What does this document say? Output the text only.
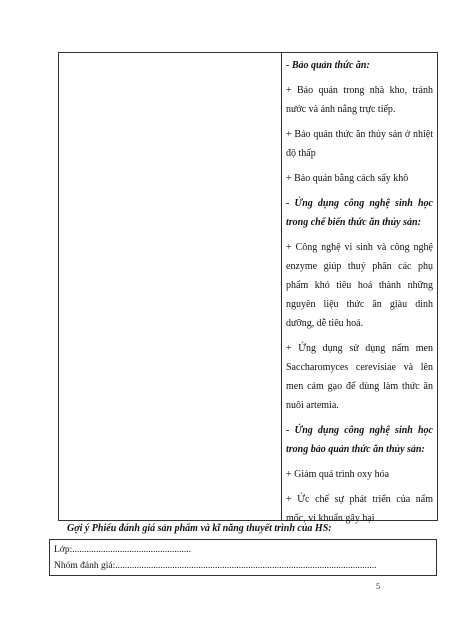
- Bảo quản thức ăn:

+ Bảo quản trong nhà kho, tránh nước và ánh nắng trực tiếp.

+ Bảo quản thức ăn thủy sản ở nhiệt độ thấp

+ Bảo quản bằng cách sấy khô

- Ứng dụng công nghệ sinh học trong chế biến thức ăn thủy sản:

+ Công nghệ vi sinh và công nghệ enzyme giúp thuỷ phân các phụ phẩm khó tiêu hoá thành những nguyên liệu thức ăn giàu dinh dưỡng, dễ tiêu hoá.

+ Ứng dụng sử dụng nấm men Saccharomyces cerevisiae và lên men cám gạo để dùng làm thức ăn nuôi artemia.

- Ứng dụng công nghệ sinh học trong bảo quản thức ăn thủy sản:

+ Giảm quá trình oxy hóa

+ Ức chế sự phát triển của nấm mốc, vi khuẩn gây hại

Gợi ý Phiếu đánh giá sản phẩm và kĩ năng thuyết trình của HS:
Lớp:..................................................
Nhóm đánh giá:..............................................................................................................
5
